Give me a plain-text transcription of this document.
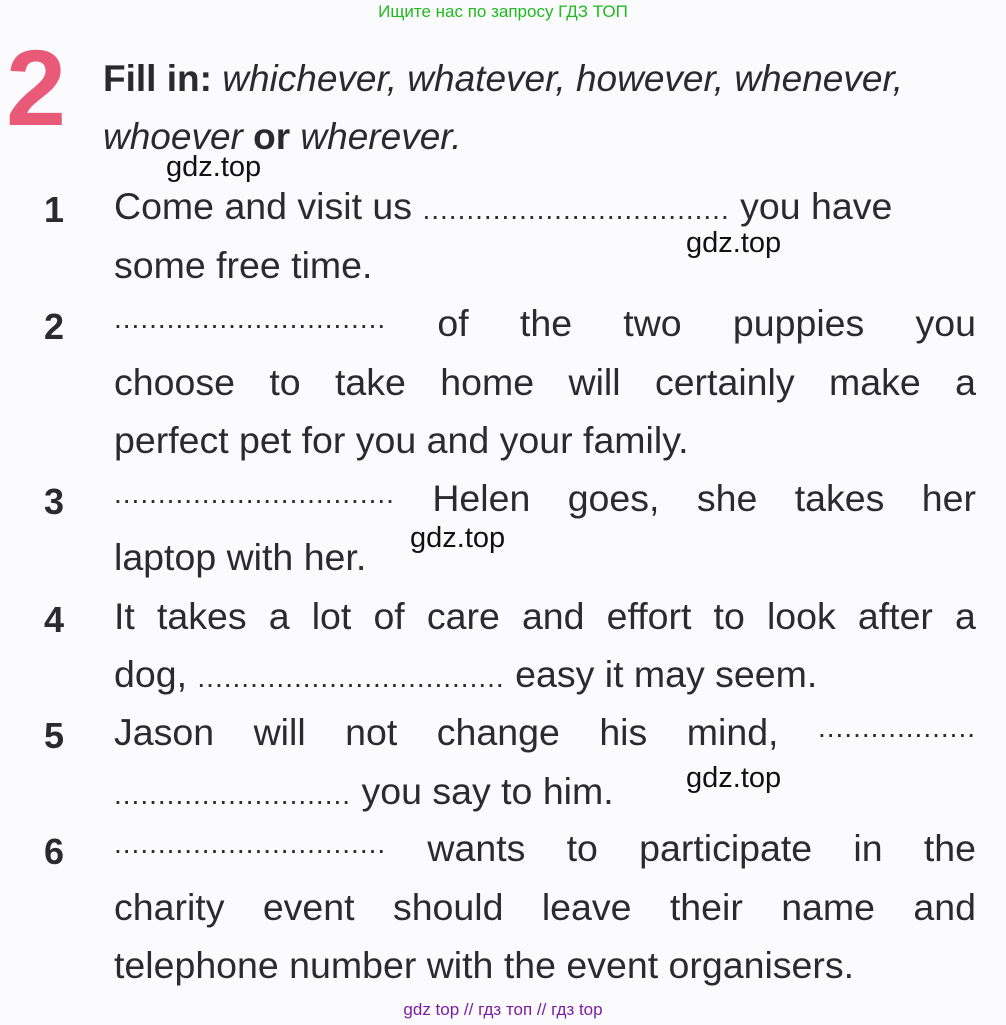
Ищите нас по запросу ГДЗ ТОП
2 Fill in: whichever, whatever, however, whenever,
whoever or wherever.
1 Come and visit us ................................... you have
some free time.
2 ............................... of the two puppies you
choose to take home will certainly make a
perfect pet for you and your family.
3 ................................ Helen goes, she takes her
laptop with her.
4 It takes a lot of care and effort to look after a
dog, ................................... easy it may seem.
5 Jason will not change his mind, ..................
........................... you say to him.
6 ............................... wants to participate in the
charity event should leave their name and
telephone number with the event organisers.
gdz.top
gdz.top
gdz.top
gdz.top
gdz top // гдз топ // гдз top
